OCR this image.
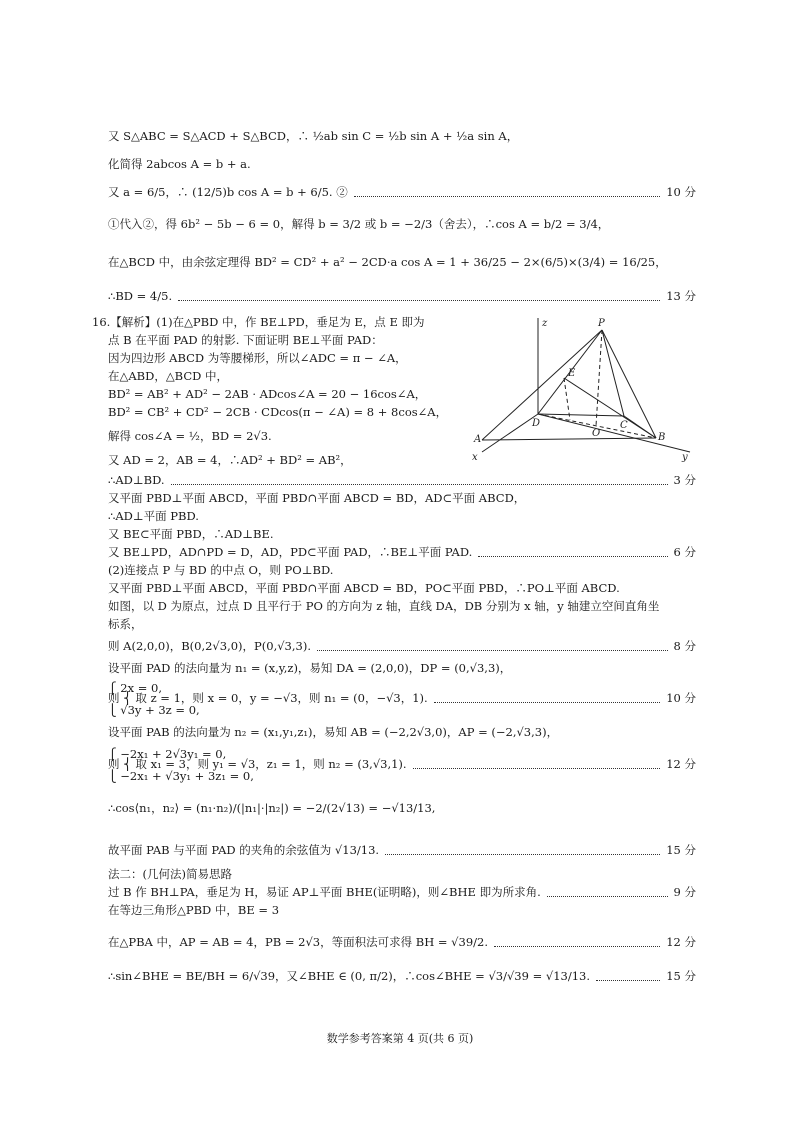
又 S△ABC = S△ACD + S△BCD，∴ ½ab sin C = ½b sin A + ½a sin A，
化简得 2abcos A = b + a.
又 a = 6/5，∴ (12/5)b cos A = b + 6/5. ②	10 分
①代入②，得 6b² − 5b − 6 = 0，解得 b = 3/2 或 b = −2/3（舍去），∴cos A = b/2 = 3/4，
在△BCD 中，由余弦定理得 BD² = CD² + a² − 2CD·a cos A = 1 + 36/25 − 2×(6/5)×(3/4) = 16/25，
∴BD = 4/5.	13 分
16.【解析】(1)在△PBD 中，作 BE⊥PD，垂足为 E，点 E 即为
点 B 在平面 PAD 的射影. 下面证明 BE⊥平面 PAD：
因为四边形 ABCD 为等腰梯形，所以∠ADC = π − ∠A，
在△ABD，△BCD 中，
BD² = AB² + AD² − 2AB · ADcos∠A = 20 − 16cos∠A，
BD² = CB² + CD² − 2CB · CDcos(π − ∠A) = 8 + 8cos∠A，
解得 cos∠A = ½，BD = 2√3.
又 AD = 2，AB = 4，∴AD² + BD² = AB²，
∴AD⊥BD.	3 分
又平面 PBD⊥平面 ABCD，平面 PBD∩平面 ABCD = BD，AD⊂平面 ABCD，
∴AD⊥平面 PBD.
又 BE⊂平面 PBD，∴AD⊥BE.
又 BE⊥PD，AD∩PD = D，AD，PD⊂平面 PAD，∴BE⊥平面 PAD.	6 分
(2)连接点 P 与 BD 的中点 O，则 PO⊥BD.
又平面 PBD⊥平面 ABCD，平面 PBD∩平面 ABCD = BD，PO⊂平面 PBD，∴PO⊥平面 ABCD.
如图，以 D 为原点，过点 D 且平行于 PO 的方向为 z 轴，直线 DA，DB 分别为 x 轴，y 轴建立空间直角坐
标系，
则 A(2,0,0)，B(0,2√3,0)，P(0,√3,3).	8 分
设平面 PAD 的法向量为 n₁ = (x,y,z)，易知 DA = (2,0,0)，DP = (0,√3,3)，
⎧ 2x = 0,
则 ⎨ 取 z = 1，则 x = 0，y = −√3，则 n₁ = (0，−√3，1).	10 分
⎩ √3y + 3z = 0,
设平面 PAB 的法向量为 n₂ = (x₁,y₁,z₁)，易知 AB = (−2,2√3,0)，AP = (−2,√3,3)，
⎧ −2x₁ + 2√3y₁ = 0,
则 ⎨ 取 x₁ = 3，则 y₁ = √3，z₁ = 1，则 n₂ = (3,√3,1).	12 分
⎩ −2x₁ + √3y₁ + 3z₁ = 0,
∴cos⟨n₁，n₂⟩ = (n₁·n₂)/(|n₁|·|n₂|) = −2/(2√13) = −√13/13,
故平面 PAB 与平面 PAD 的夹角的余弦值为 √13/13.	15 分
法二：(几何法)简易思路
过 B 作 BH⊥PA，垂足为 H，易证 AP⊥平面 BHE(证明略)，则∠BHE 即为所求角.	9 分
在等边三角形△PBD 中，BE = 3
在△PBA 中，AP = AB = 4，PB = 2√3，等面积法可求得 BH = √39/2.	12 分
∴sin∠BHE = BE/BH = 6/√39，又∠BHE ∈ (0, π/2)，∴cos∠BHE = √3/√39 = √13/13.	15 分
数学参考答案第 4 页(共 6 页)
z	P
E
D
O
C
A	B
x	y
